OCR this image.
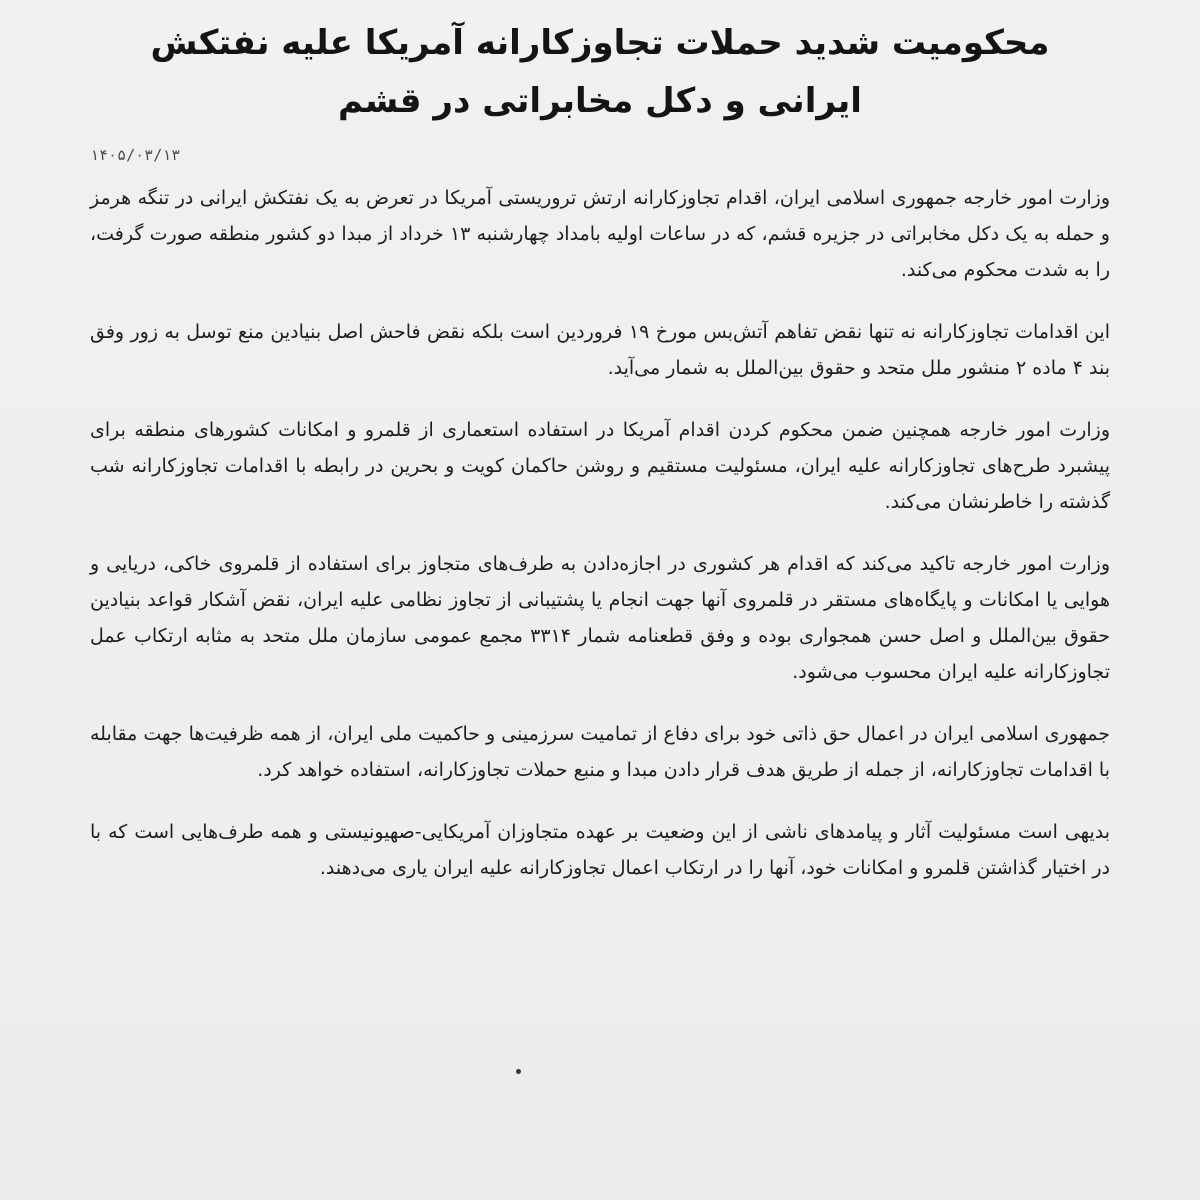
محکومیت شدید حملات تجاوزکارانه آمریکا علیه نفتکش
ایرانی و دکل مخابراتی در قشم
۱۴۰۵/۰۳/۱۳

وزارت امور خارجه جمهوری اسلامی ایران، اقدام تجاوزکارانه ارتش تروریستی آمریکا در تعرض به یک نفتکش ایرانی در تنگه هرمز و حمله به یک دکل مخابراتی در جزیره قشم، که در ساعات اولیه بامداد چهارشنبه ۱۳ خرداد از مبدا دو کشور منطقه صورت گرفت، را به شدت محکوم می‌کند.

این اقدامات تجاوزکارانه نه تنها نقض تفاهم آتش‌بس مورخ ۱۹ فروردین است بلکه نقض فاحش اصل بنیادین منع توسل به زور وفق بند ۴ ماده ۲ منشور ملل متحد و حقوق بین‌الملل به شمار می‌آید.

وزارت امور خارجه همچنین ضمن محکوم کردن اقدام آمریکا در استفاده استعماری از قلمرو و امکانات کشورهای منطقه برای پیشبرد طرح‌های تجاوزکارانه علیه ایران، مسئولیت مستقیم و روشن حاکمان کویت و بحرین در رابطه با اقدامات تجاوزکارانه شب گذشته را خاطرنشان می‌کند.

وزارت امور خارجه تاکید می‌کند که اقدام هر کشوری در اجازه‌دادن به طرف‌های متجاوز برای استفاده از قلمروی خاکی، دریایی و هوایی یا امکانات و پایگاه‌های مستقر در قلمروی آنها جهت انجام یا پشتیبانی از تجاوز نظامی علیه ایران، نقض آشکار قواعد بنیادین حقوق بین‌الملل و اصل حسن همجواری بوده و وفق قطعنامه شمار ۳۳۱۴ مجمع عمومی سازمان ملل متحد به مثابه ارتکاب عمل تجاوزکارانه علیه ایران محسوب می‌شود.

جمهوری اسلامی ایران در اعمال حق ذاتی خود برای دفاع از تمامیت سرزمینی و حاکمیت ملی ایران، از همه ظرفیت‌ها جهت مقابله با اقدامات تجاوزکارانه، از جمله از طریق هدف قرار دادن مبدا و منبع حملات تجاوزکارانه، استفاده خواهد کرد.

بدیهی است مسئولیت آثار و پیامدهای ناشی از این وضعیت بر عهده متجاوزان آمریکایی-صهیونیستی و همه طرف‌هایی است که با در اختیار گذاشتن قلمرو و امکانات خود، آنها را در ارتکاب اعمال تجاوزکارانه علیه ایران یاری می‌دهند.
